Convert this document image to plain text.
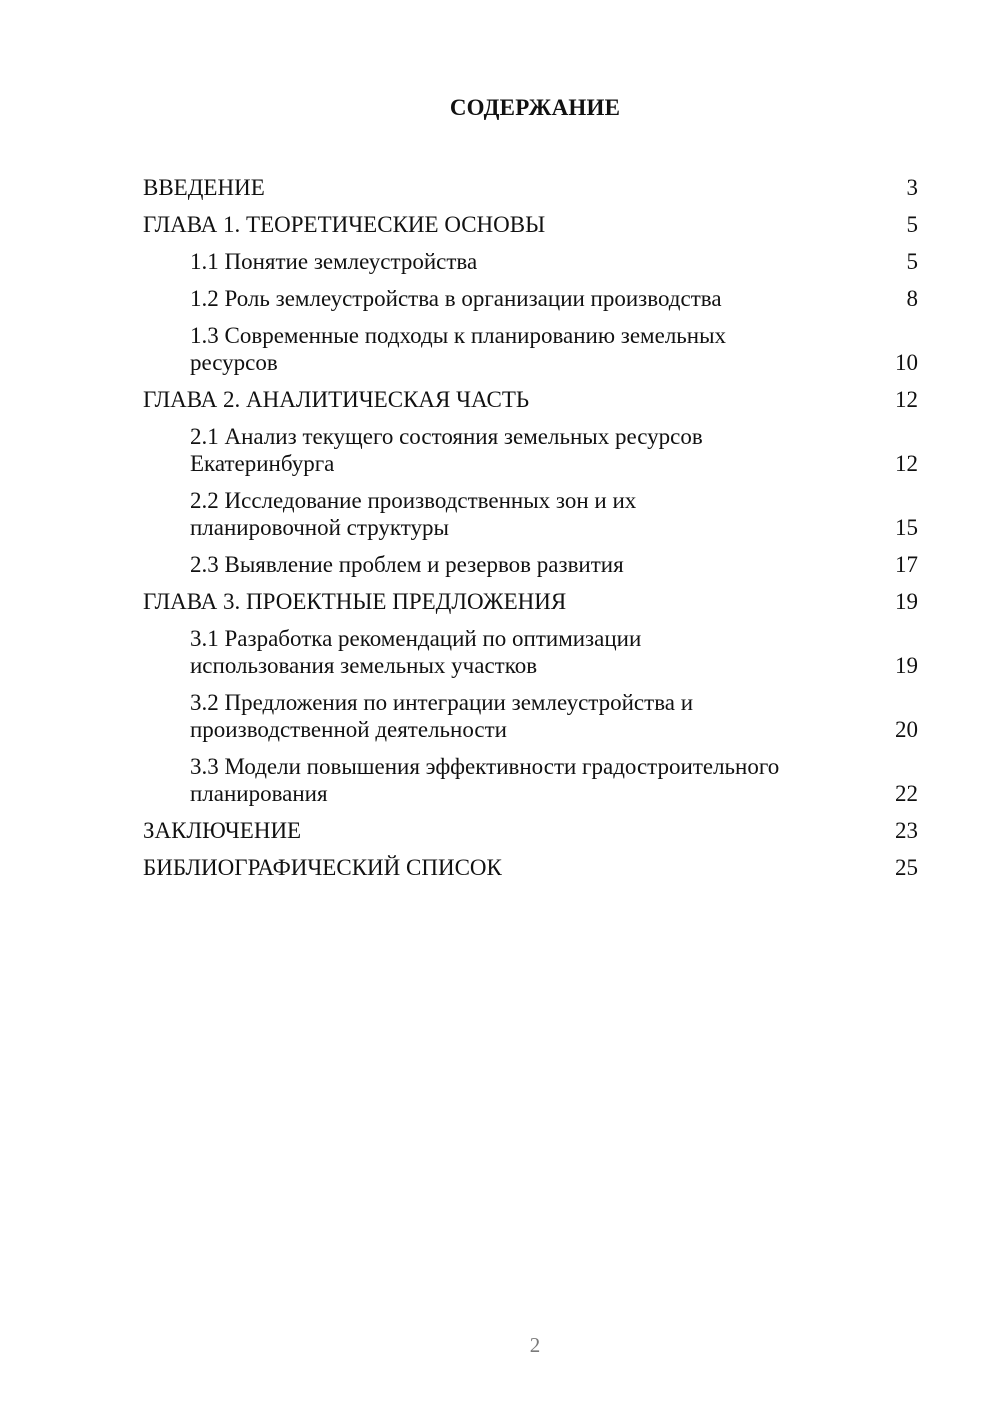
СОДЕРЖАНИЕ
ВВЕДЕНИЕ	3
ГЛАВА 1. ТЕОРЕТИЧЕСКИЕ ОСНОВЫ	5
1.1 Понятие землеустройства	5
1.2 Роль землеустройства в организации производства	8
1.3 Современные подходы к планированию земельных ресурсов	10
ГЛАВА 2. АНАЛИТИЧЕСКАЯ ЧАСТЬ	12
2.1 Анализ текущего состояния земельных ресурсов Екатеринбурга	12
2.2 Исследование производственных зон и их планировочной структуры	15
2.3 Выявление проблем и резервов развития	17
ГЛАВА 3. ПРОЕКТНЫЕ ПРЕДЛОЖЕНИЯ	19
3.1 Разработка рекомендаций по оптимизации использования земельных участков	19
3.2 Предложения по интеграции землеустройства и производственной деятельности	20
3.3 Модели повышения эффективности градостроительного планирования	22
ЗАКЛЮЧЕНИЕ	23
БИБЛИОГРАФИЧЕСКИЙ СПИСОК	25
2
